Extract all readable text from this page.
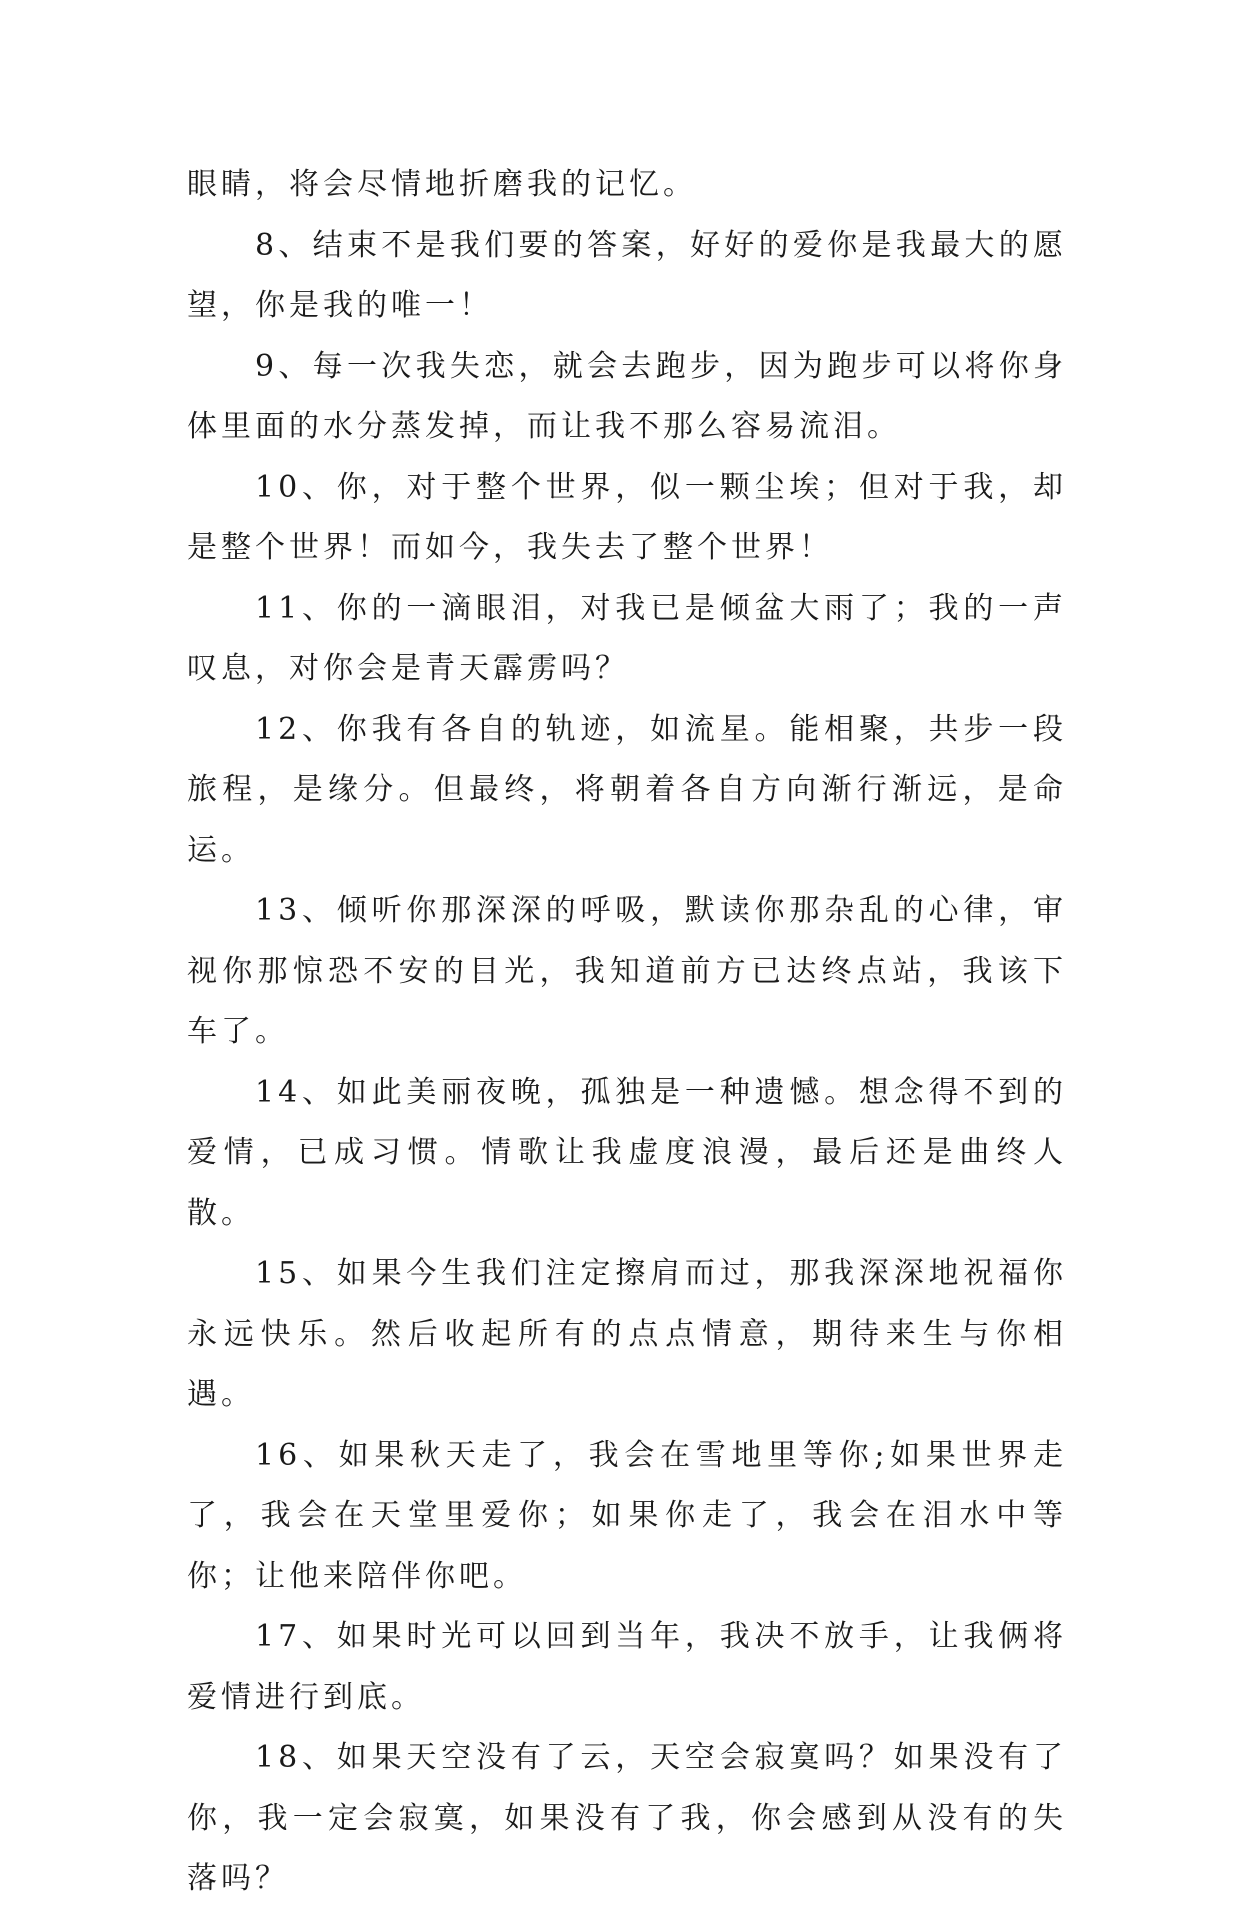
眼睛，将会尽情地折磨我的记忆。

8、结束不是我们要的答案，好好的爱你是我最大的愿望，你是我的唯一！

9、每一次我失恋，就会去跑步，因为跑步可以将你身体里面的水分蒸发掉，而让我不那么容易流泪。

10、你，对于整个世界，似一颗尘埃；但对于我，却是整个世界！而如今，我失去了整个世界！

11、你的一滴眼泪，对我已是倾盆大雨了；我的一声叹息，对你会是青天霹雳吗？

12、你我有各自的轨迹，如流星。能相聚，共步一段旅程，是缘分。但最终，将朝着各自方向渐行渐远，是命运。

13、倾听你那深深的呼吸，默读你那杂乱的心律，审视你那惊恐不安的目光，我知道前方已达终点站，我该下车了。

14、如此美丽夜晚，孤独是一种遗憾。想念得不到的爱情，已成习惯。情歌让我虚度浪漫，最后还是曲终人散。

15、如果今生我们注定擦肩而过，那我深深地祝福你永远快乐。然后收起所有的点点情意，期待来生与你相遇。

16、如果秋天走了，我会在雪地里等你;如果世界走了，我会在天堂里爱你；如果你走了，我会在泪水中等你；让他来陪伴你吧。

17、如果时光可以回到当年，我决不放手，让我俩将爱情进行到底。

18、如果天空没有了云，天空会寂寞吗？如果没有了你，我一定会寂寞，如果没有了我，你会感到从没有的失落吗？
